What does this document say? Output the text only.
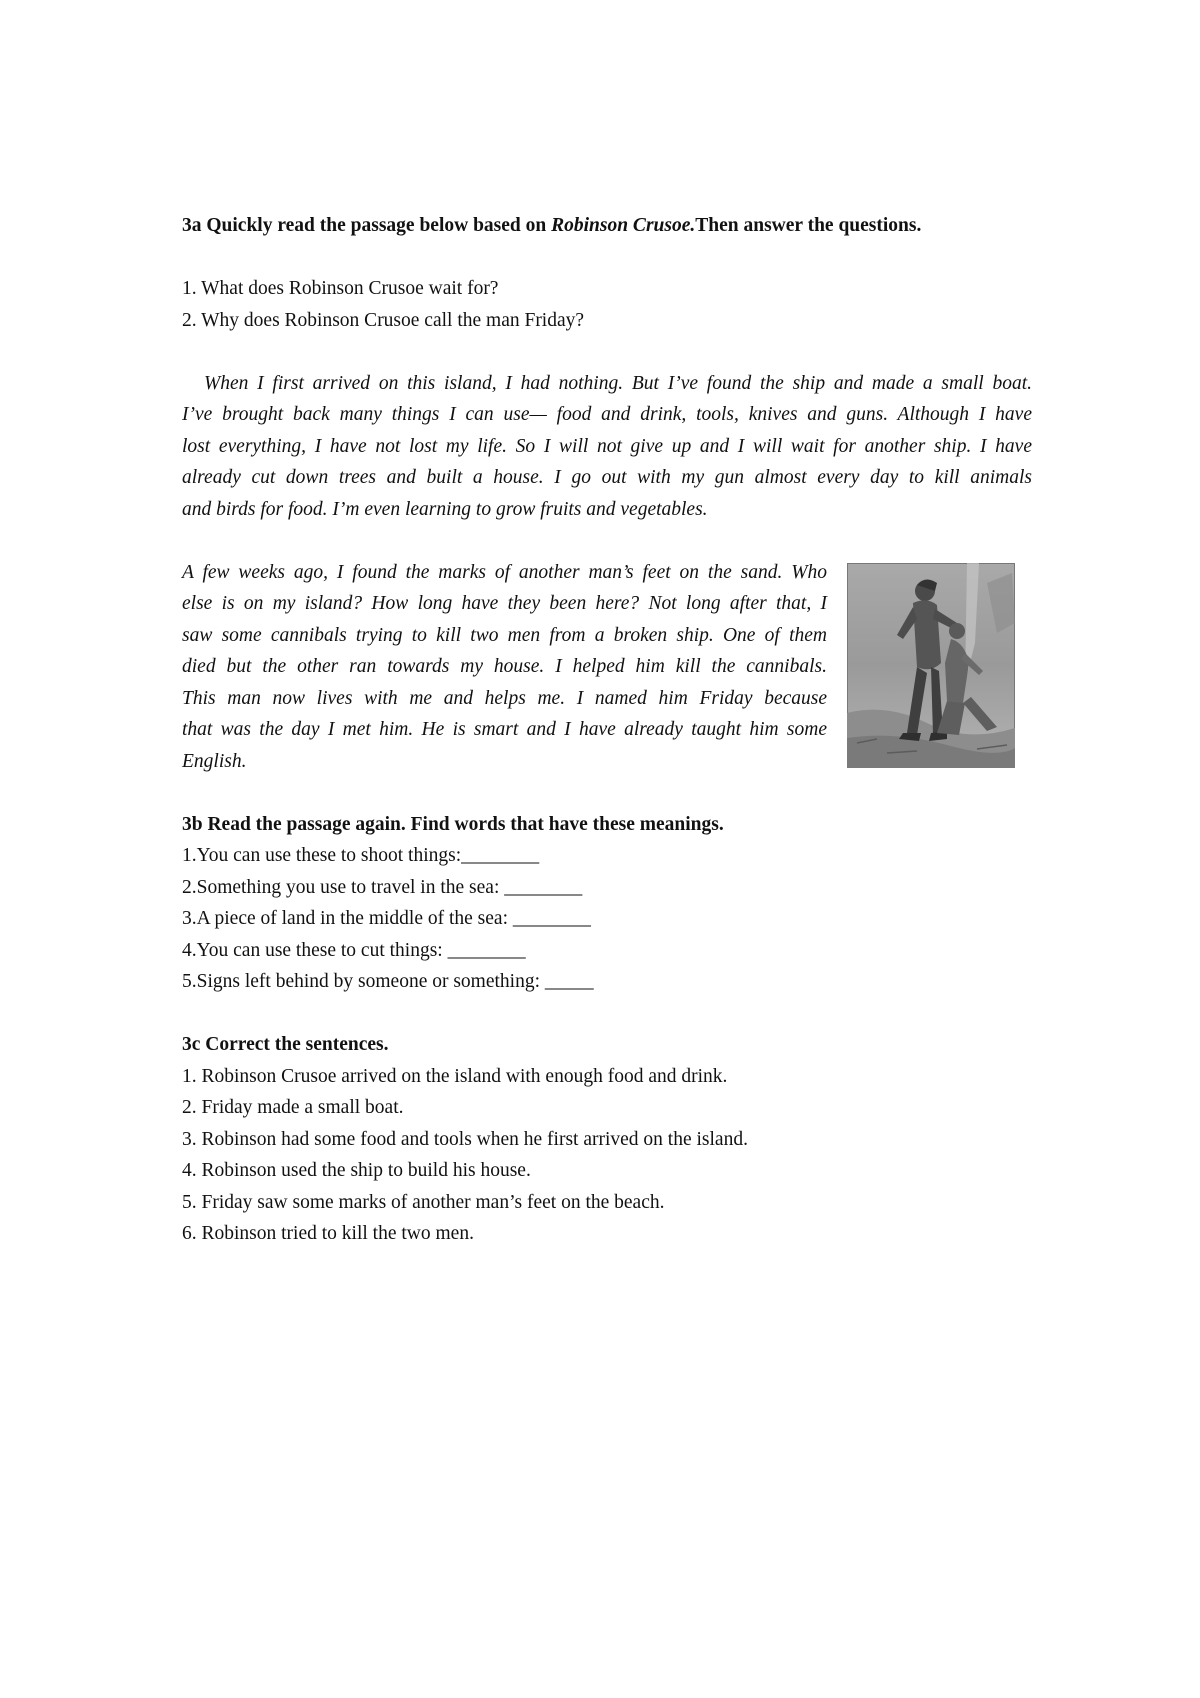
3a Quickly read the passage below based on Robinson Crusoe.Then answer the questions.

1. What does Robinson Crusoe wait for?
2. Why does Robinson Crusoe call the man Friday?
When I first arrived on this island, I had nothing. But I’ve found the ship and made a small boat.
I’ve brought back many things I can use— food and drink, tools, knives and guns. Although I have
lost everything, I have not lost my life. So I will not give up and I will wait for another ship. I have
already cut down trees and built a house. I go out with my gun almost every day to kill animals
and birds for food. I’m even learning to grow fruits and vegetables.
A few weeks ago, I found the marks of another man’s feet on the sand. Who
else is on my island? How long have they been here? Not long after that, I
saw some cannibals trying to kill two men from a broken ship. One of them
died but the other ran towards my house. I helped him kill the cannibals.
This man now lives with me and helps me. I named him Friday because
that was the day I met him. He is smart and I have already taught him some
English.

3b Read the passage again. Find words that have these meanings.

1.You can use these to shoot things:________
2.Something you use to travel in the sea: ________
3.A piece of land in the middle of the sea: ________
4.You can use these to cut things: ________
5.Signs left behind by someone or something: _____

3c Correct the sentences.

1. Robinson Crusoe arrived on the island with enough food and drink.
2. Friday made a small boat.
3. Robinson had some food and tools when he first arrived on the island.
4. Robinson used the ship to build his house.
5. Friday saw some marks of another man’s feet on the beach.
6. Robinson tried to kill the two men.
